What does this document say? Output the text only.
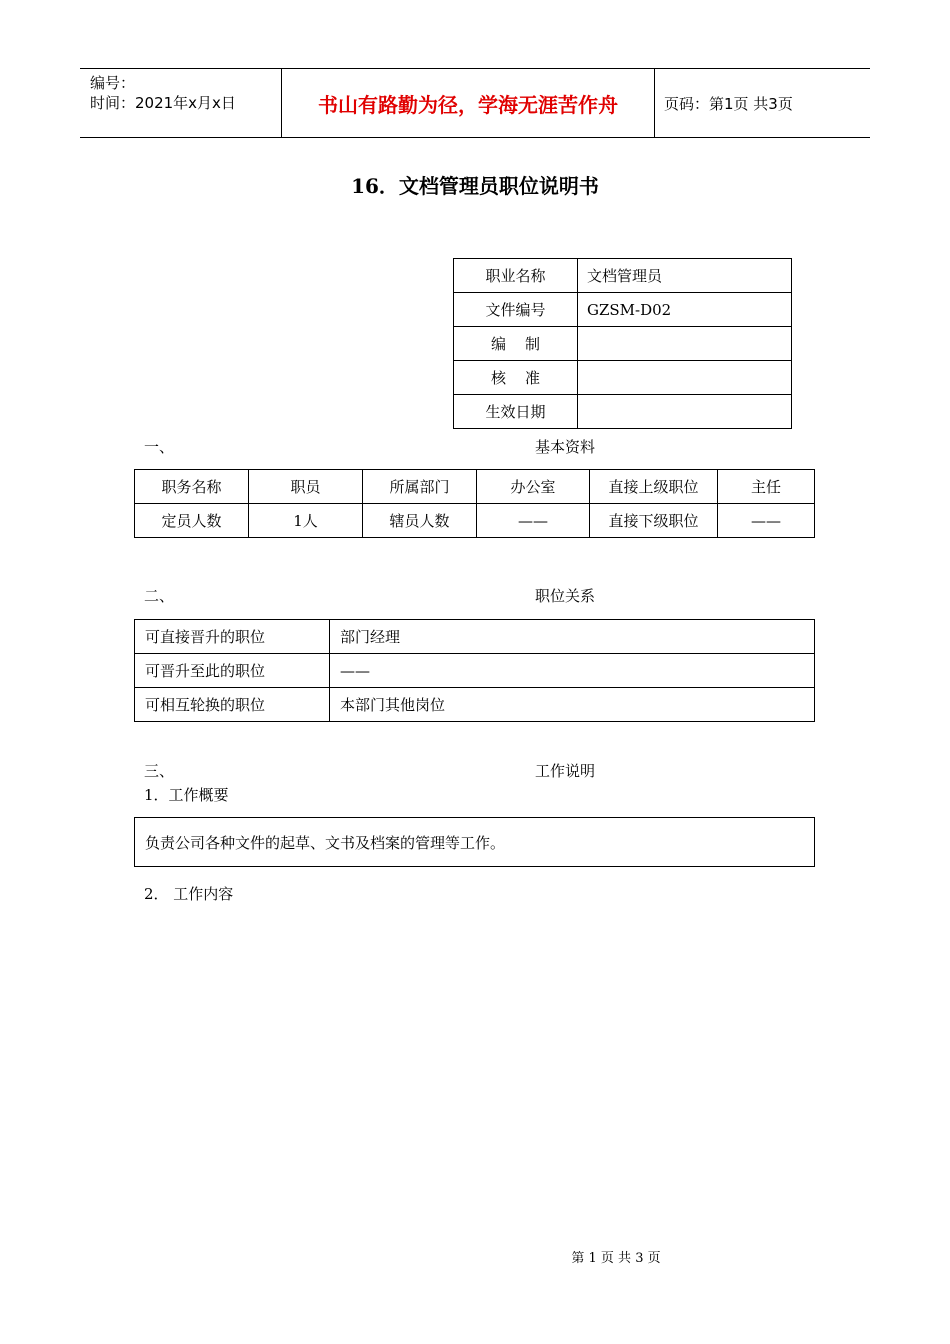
编号：
时间：2021年x月x日	书山有路勤为径，学海无涯苦作舟	页码：第1页 共3页
16．文档管理员职位说明书
职业名称	文档管理员
文件编号	GZSM-D02
编    制	
核    准	
生效日期	
一、	基本资料
职务名称	职员	所属部门	办公室	直接上级职位	主任
定员人数	1人	辖员人数	——	直接下级职位	——
二、	职位关系
可直接晋升的职位	部门经理
可晋升至此的职位	——
可相互轮换的职位	本部门其他岗位
三、	工作说明
1．工作概要
负责公司各种文件的起草、文书及档案的管理等工作。
2． 工作内容
第 1 页 共 3 页
